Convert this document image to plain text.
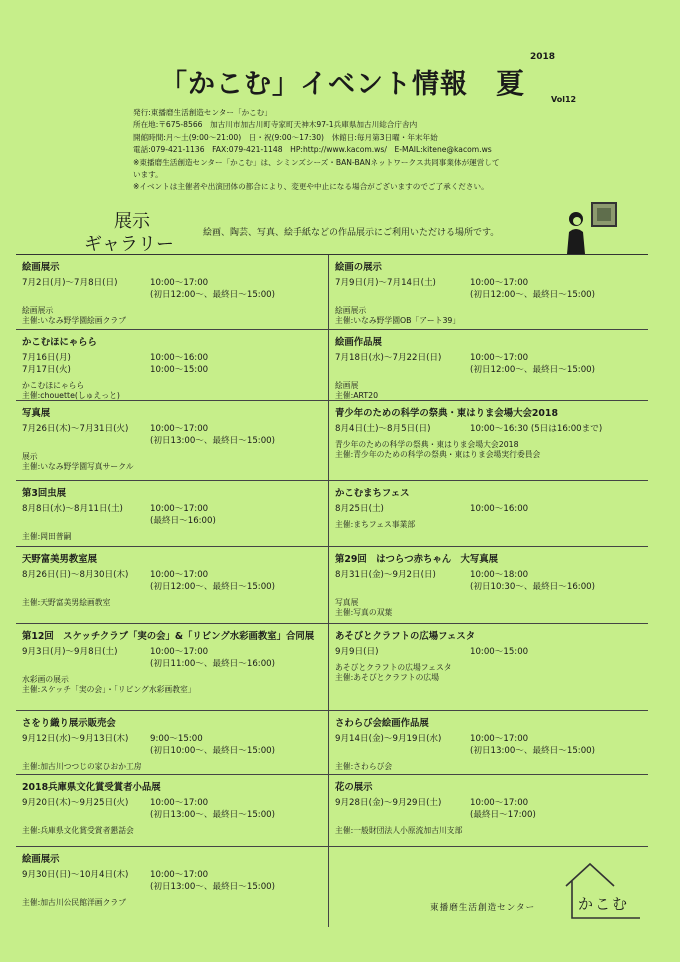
2018
「かこむ」イベント情報 夏	Vol12
発行:東播磨生活創造センター「かこむ」
所在地:〒675-8566　加古川市加古川町寺家町天神木97-1兵庫県加古川総合庁舎内
開館時間:月～土(9:00～21:00)　日・祝(9:00～17:30)　休館日:毎月第3日曜・年末年始
電話:079-421-1136　FAX:079-421-1148　HP:http://www.kacom.ws/　E-MAIL:kitene@kacom.ws
※東播磨生活創造センター「かこむ」は、シミンズシーズ・BAN-BANネットワークス共同事業体が運営して
います。
※イベントは主催者や出演団体の都合により、変更や中止になる場合がございますのでご了承ください。
展示
ギャラリー
絵画、陶芸、写真、絵手紙などの作品展示にご利用いただける場所です。
絵画展示
7月2日(月)～7月8日(日)	10:00～17:00
(初日12:00～、最終日～15:00)
絵画展示
主催:いなみ野学園絵画クラブ
絵画の展示
7月9日(月)～7月14日(土)	10:00～17:00
(初日12:00～、最終日～15:00)
絵画展示
主催:いなみ野学園OB「アート39」
かこむほにゃらら
7月16日(月)	10:00～16:00
7月17日(火)	10:00～15:00
かこむほにゃらら
主催:chouette(しゅえっと)
絵画作品展
7月18日(水)～7月22日(日)	10:00～17:00
(初日12:00～、最終日～15:00)
絵画展
主催:ART20
写真展
7月26日(木)～7月31日(火)	10:00～17:00
(初日13:00～、最終日～15:00)
展示
主催:いなみ野学園写真サークル
青少年のための科学の祭典・東はりま会場大会2018
8月4日(土)～8月5日(日)	10:00～16:30 (5日は16:00まで)
青少年のための科学の祭典・東はりま会場大会2018
主催:青少年のための科学の祭典・東はりま会場実行委員会
第3回虫展
8月8日(水)～8月11日(土)	10:00～17:00
(最終日～16:00)
主催:岡田普嗣
かこむまちフェス
8月25日(土)	10:00～16:00
主催:まちフェス事業部
天野富美男教室展
8月26日(日)～8月30日(木)	10:00～17:00
(初日12:00～、最終日～15:00)
主催:天野富美男絵画教室
第29回　はつらつ赤ちゃん　大写真展
8月31日(金)～9月2日(日)	10:00～18:00
(初日10:30～、最終日～16:00)
写真展
主催:写真の双葉
第12回　スケッチクラブ「実の会」&「リビング水彩画教室」合同展
9月3日(月)～9月8日(土)	10:00～17:00
(初日11:00～、最終日～16:00)
水彩画の展示
主催:スケッチ「実の会」・「リビング水彩画教室」
あそびとクラフトの広場フェスタ
9月9日(日)	10:00～15:00
あそびとクラフトの広場フェスタ
主催:あそびとクラフトの広場
さをり織り展示販売会
9月12日(水)～9月13日(木)	9:00～15:00
(初日10:00～、最終日～15:00)
主催:加古川つつじの家ひおか工房
さわらび会絵画作品展
9月14日(金)～9月19日(水)	10:00～17:00
(初日13:00～、最終日～15:00)
主催:さわらび会
2018兵庫県文化賞受賞者小品展
9月20日(木)～9月25日(火)	10:00～17:00
(初日13:00～、最終日～15:00)
主催:兵庫県文化賞受賞者懇話会
花の展示
9月28日(金)～9月29日(土)	10:00～17:00
(最終日～17:00)
主催:一般財団法人小原流加古川支部
絵画展示
9月30日(日)～10月4日(木)	10:00～17:00
(初日13:00～、最終日～15:00)
主催:加古川公民館洋画クラブ
東播磨生活創造センター	かこむ
